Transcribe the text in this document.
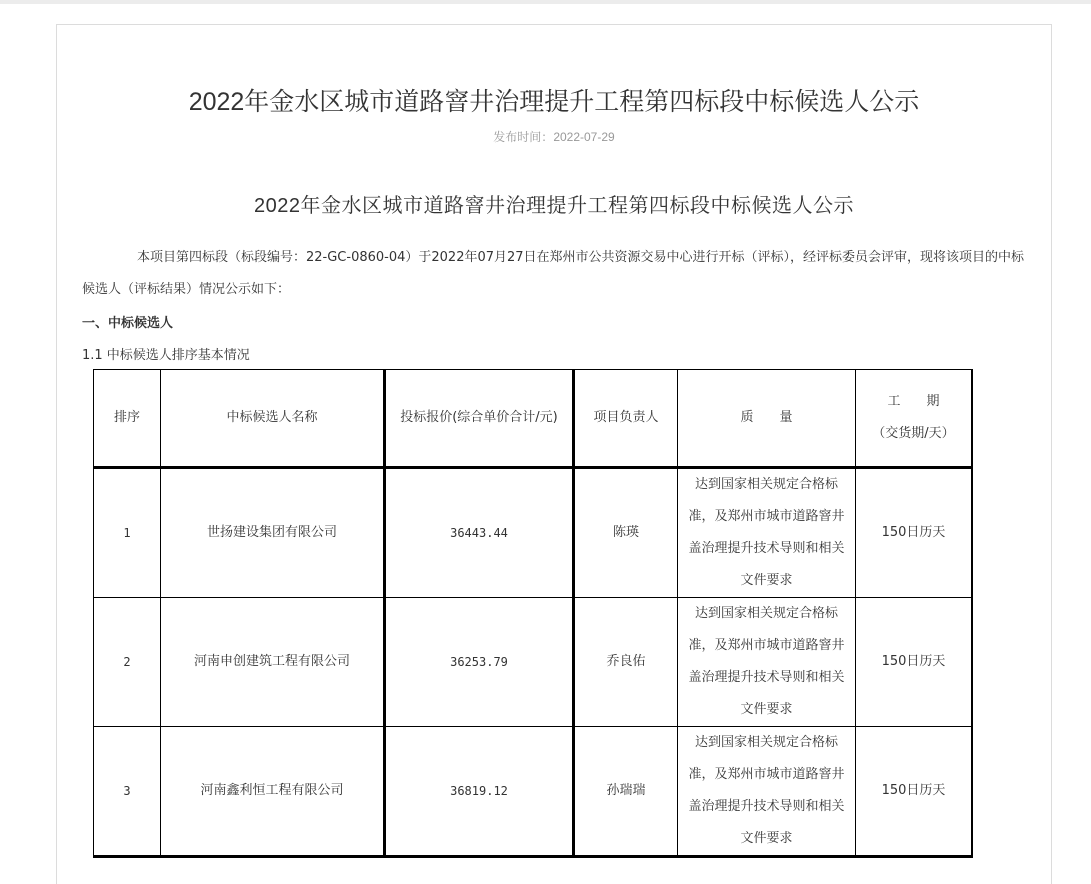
2022年金水区城市道路窨井治理提升工程第四标段中标候选人公示
发布时间：2022-07-29
2022年金水区城市道路窨井治理提升工程第四标段中标候选人公示
本项目第四标段（标段编号：22-GC-0860-04）于2022年07月27日在郑州市公共资源交易中心进行开标（评标），经评标委员会评审，现将该项目的中标候选人（评标结果）情况公示如下：
一、中标候选人
1.1 中标候选人排序基本情况
排序	中标候选人名称	投标报价(综合单价合计/元)	项目负责人	质　　量	工　　期
（交货期/天）

1	世扬建设集团有限公司	36443.44	陈瑛	达到国家相关规定合格标准，及郑州市城市道路窨井盖治理提升技术导则和相关文件要求	150日历天
2	河南申创建筑工程有限公司	36253.79	乔良佑	达到国家相关规定合格标准，及郑州市城市道路窨井盖治理提升技术导则和相关文件要求	150日历天
3	河南鑫利恒工程有限公司	36819.12	孙瑞瑞	达到国家相关规定合格标准，及郑州市城市道路窨井盖治理提升技术导则和相关文件要求	150日历天
